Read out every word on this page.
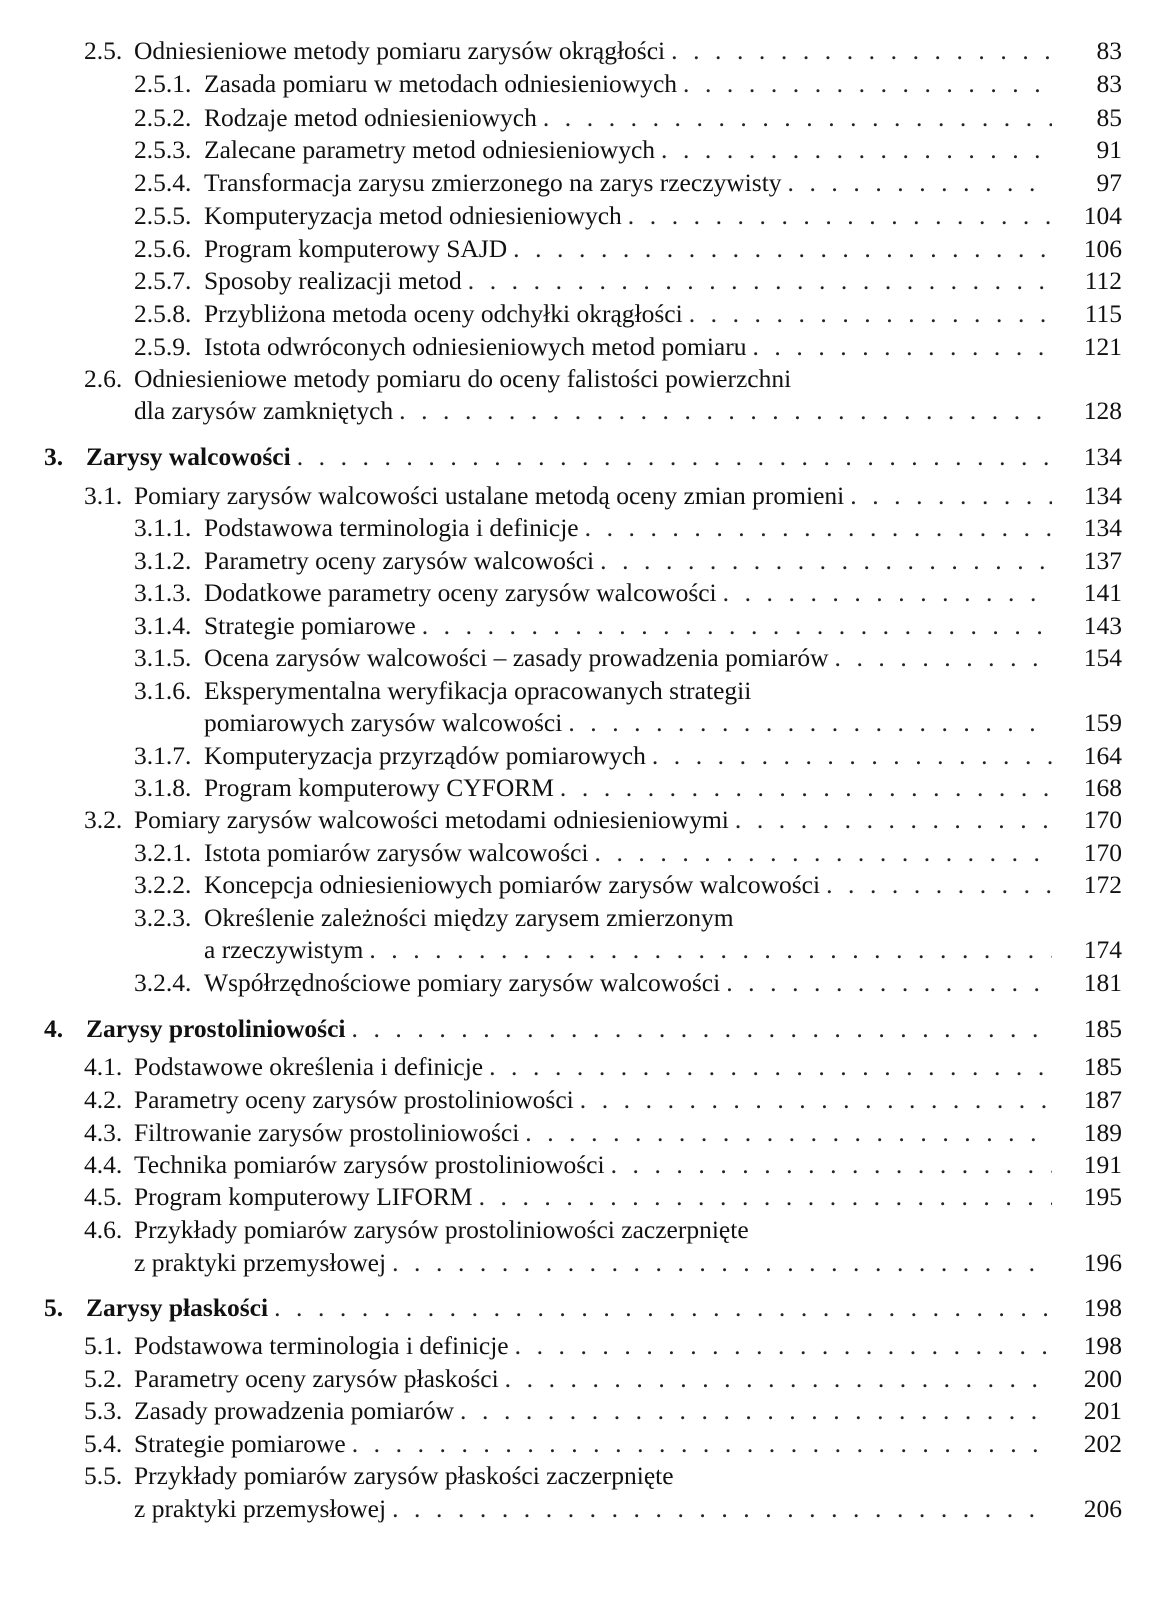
2.5. Odniesieniowe metody pomiaru zarysów okrągłości . . .	83
2.5.1. Zasada pomiaru w metodach odniesieniowych . . .	83
2.5.2. Rodzaje metod odniesieniowych . . .	85
2.5.3. Zalecane parametry metod odniesieniowych . . .	91
2.5.4. Transformacja zarysu zmierzonego na zarys rzeczywisty . . .	97
2.5.5. Komputeryzacja metod odniesieniowych . . .	104
2.5.6. Program komputerowy SAJD . . .	106
2.5.7. Sposoby realizacji metod . . .	112
2.5.8. Przybliżona metoda oceny odchyłki okrągłości . . .	115
2.5.9. Istota odwróconych odniesieniowych metod pomiaru . . .	121
2.6. Odniesieniowe metody pomiaru do oceny falistości powierzchni
dla zarysów zamkniętych . . .	128
3. Zarysy walcowości . . .	134
3.1. Pomiary zarysów walcowości ustalane metodą oceny zmian promieni . . .	134
3.1.1. Podstawowa terminologia i definicje . . .	134
3.1.2. Parametry oceny zarysów walcowości . . .	137
3.1.3. Dodatkowe parametry oceny zarysów walcowości . . .	141
3.1.4. Strategie pomiarowe . . .	143
3.1.5. Ocena zarysów walcowości – zasady prowadzenia pomiarów . . .	154
3.1.6. Eksperymentalna weryfikacja opracowanych strategii
pomiarowych zarysów walcowości . . .	159
3.1.7. Komputeryzacja przyrządów pomiarowych . . .	164
3.1.8. Program komputerowy CYFORM . . .	168
3.2. Pomiary zarysów walcowości metodami odniesieniowymi . . .	170
3.2.1. Istota pomiarów zarysów walcowości . . .	170
3.2.2. Koncepcja odniesieniowych pomiarów zarysów walcowości . . .	172
3.2.3. Określenie zależności między zarysem zmierzonym
a rzeczywistym . . .	174
3.2.4. Współrzędnościowe pomiary zarysów walcowości . . .	181
4. Zarysy prostoliniowości . . .	185
4.1. Podstawowe określenia i definicje . . .	185
4.2. Parametry oceny zarysów prostoliniowości . . .	187
4.3. Filtrowanie zarysów prostoliniowości . . .	189
4.4. Technika pomiarów zarysów prostoliniowości . . .	191
4.5. Program komputerowy LIFORM . . .	195
4.6. Przykłady pomiarów zarysów prostoliniowości zaczerpnięte
z praktyki przemysłowej . . .	196
5. Zarysy płaskości . . .	198
5.1. Podstawowa terminologia i definicje . . .	198
5.2. Parametry oceny zarysów płaskości . . .	200
5.3. Zasady prowadzenia pomiarów . . .	201
5.4. Strategie pomiarowe . . .	202
5.5. Przykłady pomiarów zarysów płaskości zaczerpnięte
z praktyki przemysłowej . . .	206
